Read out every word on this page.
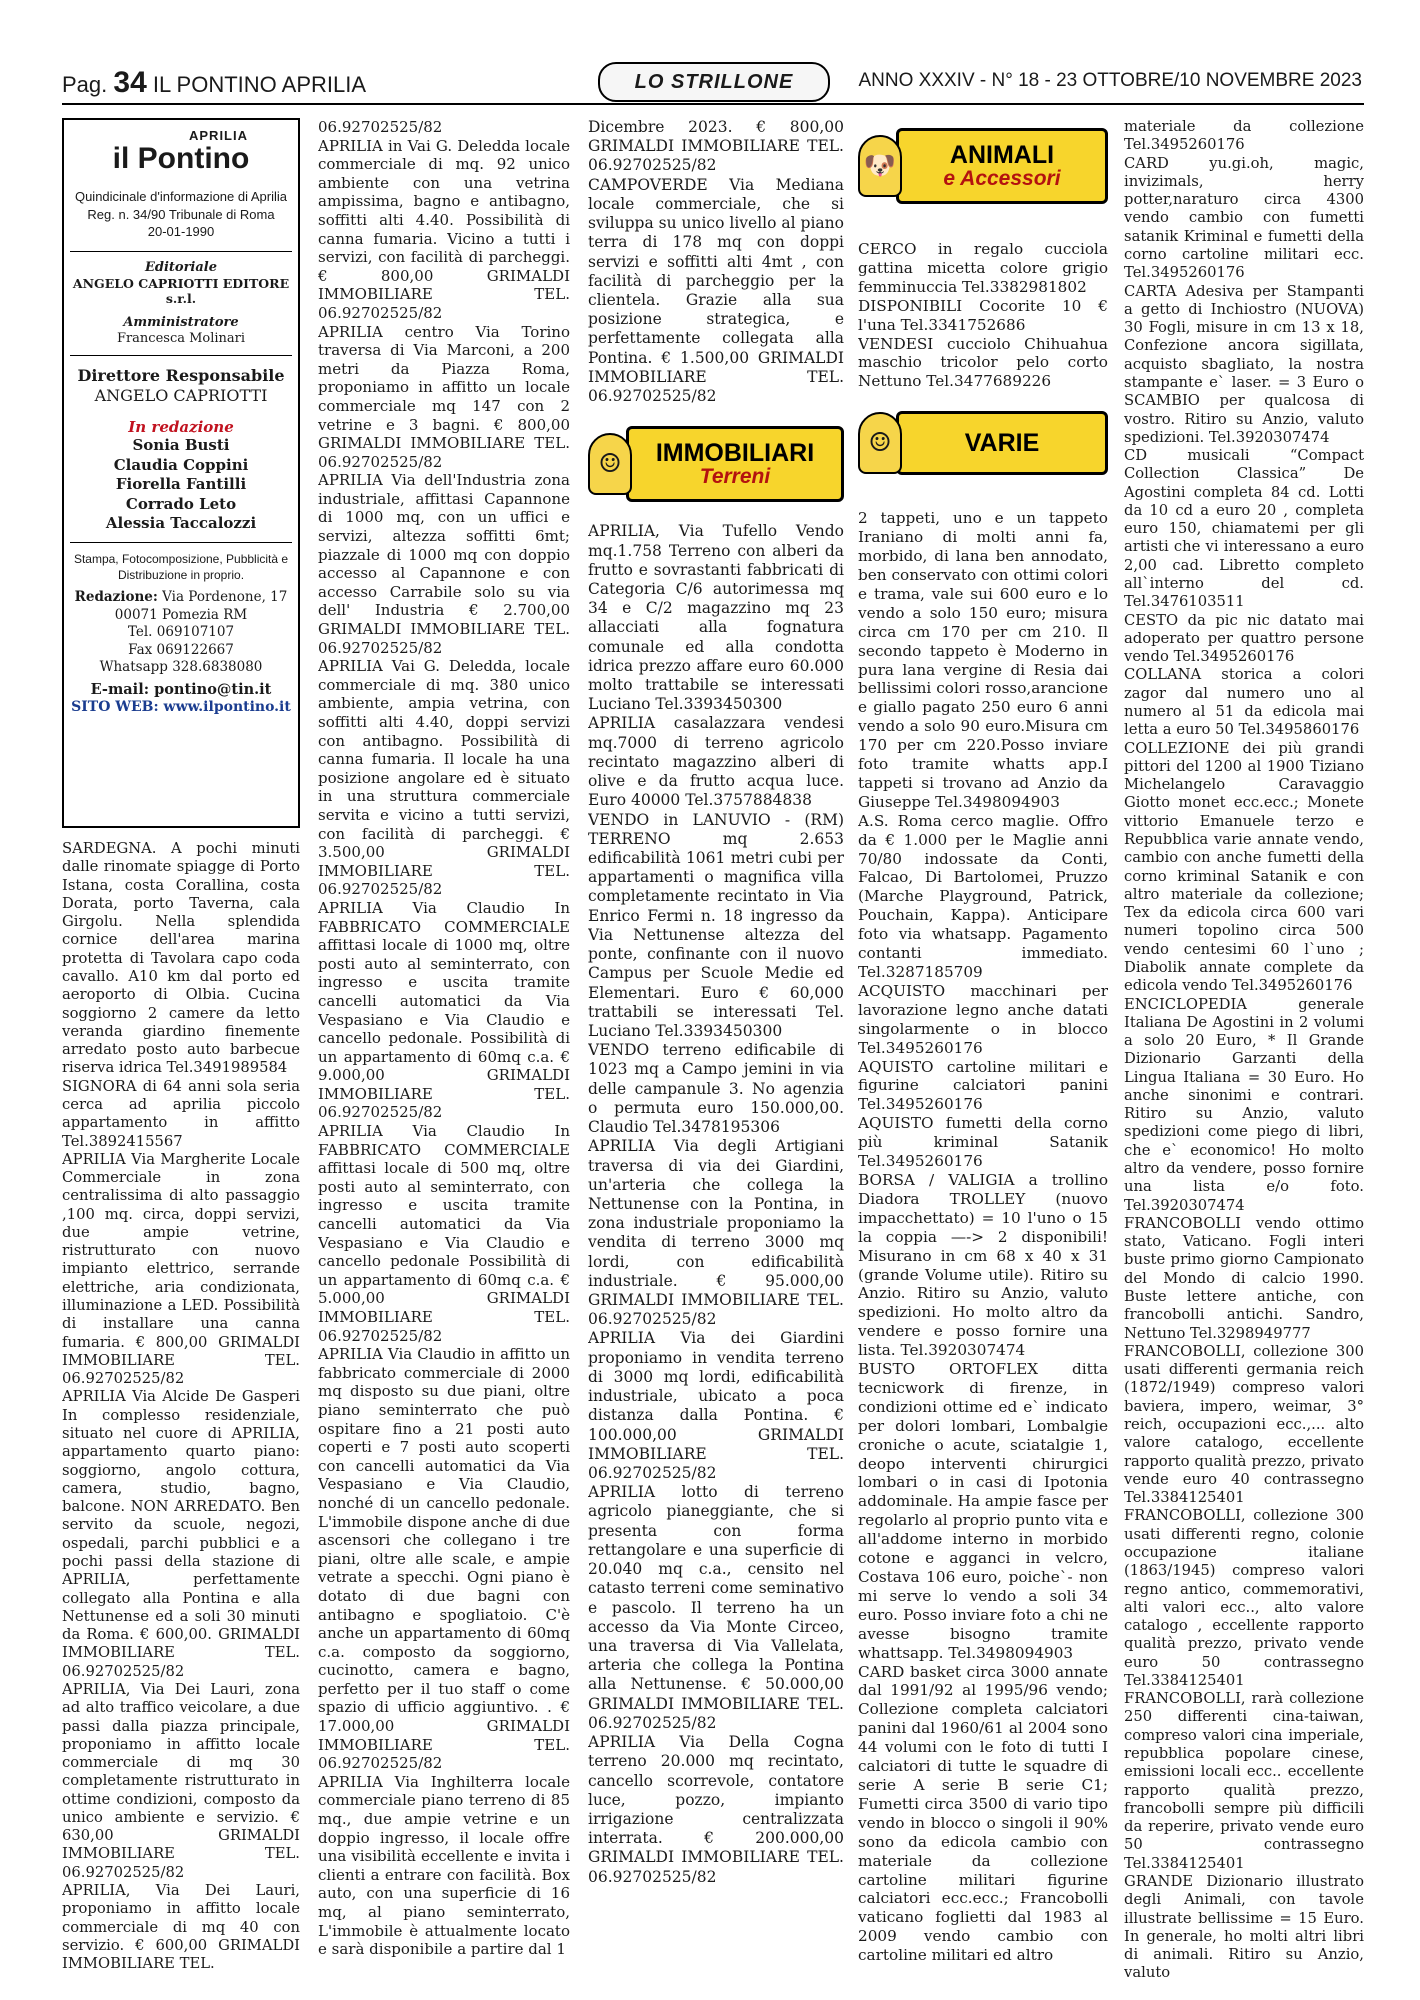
Pag. 34 IL PONTINO APRILIA	LO STRILLONE	ANNO XXXIV - N° 18 - 23 OTTOBRE/10 NOVEMBRE 2023
APRILIA
il Pontino
Quindicinale d'informazione di Aprilia
Reg. n. 34/90 Tribunale di Roma
20-01-1990
Editoriale
ANGELO CAPRIOTTI EDITORE s.r.l.
Amministratore
Francesca Molinari
Direttore Responsabile
ANGELO CAPRIOTTI
In redazione
Sonia Busti
Claudia Coppini
Fiorella Fantilli
Corrado Leto
Alessia Taccalozzi
Stampa, Fotocomposizione, Pubblicità e Distribuzione in proprio.
Redazione: Via Pordenone, 17
00071 Pomezia RM
Tel. 069107107
Fax 069122667
Whatsapp 328.6838080
E-mail: pontino@tin.it
SITO WEB: www.ilpontino.it

SARDEGNA. A pochi minuti dalle rinomate spiagge di Porto Istana, costa Corallina, costa Dorata, porto Taverna, cala Girgolu. Nella splendida cornice dell'area marina protetta di Tavolara capo coda cavallo. A10 km dal porto ed aeroporto di Olbia. Cucina soggiorno 2 camere da letto veranda giardino finemente arredato posto auto barbecue riserva idrica Tel.3491989584

SIGNORA di 64 anni sola seria cerca ad aprilia piccolo appartamento in affitto Tel.3892415567

APRILIA Via Margherite Locale Commerciale in zona centralissima di alto passaggio ,100 mq. circa, doppi servizi, due ampie vetrine, ristrutturato con nuovo impianto elettrico, serrande elettriche, aria condizionata, illuminazione a LED. Possibilità di installare una canna fumaria. € 800,00 GRIMALDI IMMOBILIARE TEL. 06.92702525/82

APRILIA Via Alcide De Gasperi In complesso residenziale, situato nel cuore di APRILIA, appartamento quarto piano: soggiorno, angolo cottura, camera, studio, bagno, balcone. NON ARREDATO. Ben servito da scuole, negozi, ospedali, parchi pubblici e a pochi passi della stazione di APRILIA, perfettamente collegato alla Pontina e alla Nettunense ed a soli 30 minuti da Roma. € 600,00. GRIMALDI IMMOBILIARE TEL. 06.92702525/82

APRILIA, Via Dei Lauri, zona ad alto traffico veicolare, a due passi dalla piazza principale, proponiamo in affitto locale commerciale di mq 30 completamente ristrutturato in ottime condizioni, composto da unico ambiente e servizio. € 630,00 GRIMALDI IMMOBILIARE TEL. 06.92702525/82

APRILIA, Via Dei Lauri, proponiamo in affitto locale commerciale di mq 40 con servizio. € 600,00 GRIMALDI IMMOBILIARE TEL.

06.92702525/82

APRILIA in Vai G. Deledda locale commerciale di mq. 92 unico ambiente con una vetrina ampissima, bagno e antibagno, soffitti alti 4.40. Possibilità di canna fumaria. Vicino a tutti i servizi, con facilità di parcheggi. € 800,00 GRIMALDI IMMOBILIARE TEL. 06.92702525/82

APRILIA centro Via Torino traversa di Via Marconi, a 200 metri da Piazza Roma, proponiamo in affitto un locale commerciale mq 147 con 2 vetrine e 3 bagni. € 800,00 GRIMALDI IMMOBILIARE TEL. 06.92702525/82

APRILIA Via dell'Industria zona industriale, affittasi Capannone di 1000 mq, con un uffici e servizi, altezza soffitti 6mt; piazzale di 1000 mq con doppio accesso al Capannone e con accesso Carrabile solo su via dell' Industria € 2.700,00 GRIMALDI IMMOBILIARE TEL. 06.92702525/82

APRILIA Vai G. Deledda, locale commerciale di mq. 380 unico ambiente, ampia vetrina, con soffitti alti 4.40, doppi servizi con antibagno. Possibilità di canna fumaria. Il locale ha una posizione angolare ed è situato in una struttura commerciale servita e vicino a tutti servizi, con facilità di parcheggi. € 3.500,00 GRIMALDI IMMOBILIARE TEL. 06.92702525/82

APRILIA Via Claudio In FABBRICATO COMMERCIALE affittasi locale di 1000 mq, oltre posti auto al seminterrato, con ingresso e uscita tramite cancelli automatici da Via Vespasiano e Via Claudio e cancello pedonale. Possibilità di un appartamento di 60mq c.a. € 9.000,00 GRIMALDI IMMOBILIARE TEL. 06.92702525/82

APRILIA Via Claudio In FABBRICATO COMMERCIALE affittasi locale di 500 mq, oltre posti auto al seminterrato, con ingresso e uscita tramite cancelli automatici da Via Vespasiano e Via Claudio e cancello pedonale Possibilità di un appartamento di 60mq c.a. € 5.000,00 GRIMALDI IMMOBILIARE TEL. 06.92702525/82

APRILIA Via Claudio in affitto un fabbricato commerciale di 2000 mq disposto su due piani, oltre piano seminterrato che può ospitare fino a 21 posti auto coperti e 7 posti auto scoperti con cancelli automatici da Via Vespasiano e Via Claudio, nonché di un cancello pedonale. L'immobile dispone anche di due ascensori che collegano i tre piani, oltre alle scale, e ampie vetrate a specchi. Ogni piano è dotato di due bagni con antibagno e spogliatoio. C'è anche un appartamento di 60mq c.a. composto da soggiorno, cucinotto, camera e bagno, perfetto per il tuo staff o come spazio di ufficio aggiuntivo. . € 17.000,00 GRIMALDI IMMOBILIARE TEL. 06.92702525/82

APRILIA Via Inghilterra locale commerciale piano terreno di 85 mq., due ampie vetrine e un doppio ingresso, il locale offre una visibilità eccellente e invita i clienti a entrare con facilità. Box auto, con una superficie di 16 mq, al piano seminterrato, L'immobile è attualmente locato e sarà disponibile a partire dal 1

Dicembre 2023. € 800,00 GRIMALDI IMMOBILIARE TEL. 06.92702525/82

CAMPOVERDE Via Mediana locale commerciale, che si sviluppa su unico livello al piano terra di 178 mq con doppi servizi e soffitti alti 4mt , con facilità di parcheggio per la clientela. Grazie alla sua posizione strategica, e perfettamente collegata alla Pontina. € 1.500,00 GRIMALDI IMMOBILIARE TEL. 06.92702525/82

☺	IMMOBILIARI
Terreni

APRILIA, Via Tufello Vendo mq.1.758 Terreno con alberi da frutto e sovrastanti fabbricati di Categoria C/6 autorimessa mq 34 e C/2 magazzino mq 23 allacciati alla fognatura comunale ed alla condotta idrica prezzo affare euro 60.000 molto trattabile se interessati Luciano Tel.3393450300

APRILIA casalazzara vendesi mq.7000 di terreno agricolo recintato magazzino alberi di olive e da frutto acqua luce. Euro 40000 Tel.3757884838

VENDO in LANUVIO - (RM) TERRENO mq 2.653 edificabilità 1061 metri cubi per appartamenti o magnifica villa completamente recintato in Via Enrico Fermi n. 18 ingresso da Via Nettunense altezza del ponte, confinante con il nuovo Campus per Scuole Medie ed Elementari. Euro € 60,000 trattabili se interessati Tel. Luciano Tel.3393450300

VENDO terreno edificabile di 1023 mq a Campo jemini in via delle campanule 3. No agenzia o permuta euro 150.000,00. Claudio Tel.3478195306

APRILIA Via degli Artigiani traversa di via dei Giardini, un'arteria che collega la Nettunense con la Pontina, in zona industriale proponiamo la vendita di terreno 3000 mq lordi, con edificabilità industriale. € 95.000,00 GRIMALDI IMMOBILIARE TEL. 06.92702525/82

APRILIA Via dei Giardini proponiamo in vendita terreno di 3000 mq lordi, edificabilità industriale, ubicato a poca distanza dalla Pontina. € 100.000,00 GRIMALDI IMMOBILIARE TEL. 06.92702525/82

APRILIA lotto di terreno agricolo pianeggiante, che si presenta con forma rettangolare e una superficie di 20.040 mq c.a., censito nel catasto terreni come seminativo e pascolo. Il terreno ha un accesso da Via Monte Circeo, una traversa di Via Vallelata, arteria che collega la Pontina alla Nettunense. € 50.000,00 GRIMALDI IMMOBILIARE TEL. 06.92702525/82

APRILIA Via Della Cogna terreno 20.000 mq recintato, cancello scorrevole, contatore luce, pozzo, impianto irrigazione centralizzata interrata. € 200.000,00 GRIMALDI IMMOBILIARE TEL. 06.92702525/82

🐶 ANIMALI
e Accessori

CERCO in regalo cucciola gattina micetta colore grigio femminuccia Tel.3382981802

DISPONIBILI Cocorite 10 € l'una Tel.3341752686

VENDESI cucciolo Chihuahua maschio tricolor pelo corto Nettuno Tel.3477689226

☺	VARIE

2 tappeti, uno e un tappeto Iraniano di molti anni fa, morbido, di lana ben annodato, ben conservato con ottimi colori e trama, vale sui 600 euro e lo vendo a solo 150 euro; misura circa cm 170 per cm 210. Il secondo tappeto è Moderno in pura lana vergine di Resia dai bellissimi colori rosso,arancione e giallo pagato 250 euro 6 anni vendo a solo 90 euro.Misura cm 170 per cm 220.Posso inviare foto tramite whatts app.I tappeti si trovano ad Anzio da Giuseppe Tel.3498094903

A.S. Roma cerco maglie. Offro da € 1.000 per le Maglie anni 70/80 indossate da Conti, Falcao, Di Bartolomei, Pruzzo (Marche Playground, Patrick, Pouchain, Kappa). Anticipare foto via whatsapp. Pagamento contanti immediato. Tel.3287185709

ACQUISTO macchinari per lavorazione legno anche datati singolarmente o in blocco Tel.3495260176

AQUISTO cartoline militari e figurine calciatori panini Tel.3495260176

AQUISTO fumetti della corno più kriminal Satanik Tel.3495260176

BORSA / VALIGIA a trollino Diadora TROLLEY (nuovo impacchettato) = 10 l'uno o 15 la coppia —-> 2 disponibili! Misurano in cm 68 x 40 x 31 (grande Volume utile). Ritiro su Anzio. Ritiro su Anzio, valuto spedizioni. Ho molto altro da vendere e posso fornire una lista. Tel.3920307474

BUSTO ORTOFLEX ditta tecnicwork di firenze, in condizioni ottime ed e` indicato per dolori lombari, Lombalgie croniche o acute, sciatalgie 1, deopo interventi chirurgici lombari o in casi di Ipotonia addominale. Ha ampie fasce per regolarlo al proprio punto vita e all'addome interno in morbido cotone e agganci in velcro, Costava 106 euro, poiche`- non mi serve lo vendo a soli 34 euro. Posso inviare foto a chi ne avesse bisogno tramite whattsapp. Tel.3498094903

CARD basket circa 3000 annate dal 1991/92 al 1995/96 vendo; Collezione completa calciatori panini dal 1960/61 al 2004 sono 44 volumi con le foto di tutti I calciatori di tutte le squadre di serie A serie B serie C1; Fumetti circa 3500 di vario tipo vendo in blocco o singoli il 90% sono da edicola cambio con materiale da collezione cartoline militari figurine calciatori ecc.ecc.; Francobolli vaticano foglietti dal 1983 al 2009 vendo cambio con cartoline militari ed altro

materiale da collezione Tel.3495260176

CARD yu.gi.oh, magic, invizimals, herry potter,naraturo circa 4300 vendo cambio con fumetti satanik Kriminal e fumetti della corno cartoline militari ecc. Tel.3495260176

CARTA Adesiva per Stampanti a getto di Inchiostro (NUOVA) 30 Fogli, misure in cm 13 x 18, Confezione ancora sigillata, acquisto sbagliato, la nostra stampante e` laser. = 3 Euro o SCAMBIO per qualcosa di vostro. Ritiro su Anzio, valuto spedizioni. Tel.3920307474

CD musicali “Compact Collection Classica” De Agostini completa 84 cd. Lotti da 10 cd a euro 20 , completa euro 150, chiamatemi per gli artisti che vi interessano a euro 2,00 cad. Libretto completo all`interno del cd. Tel.3476103511

CESTO da pic nic datato mai adoperato per quattro persone vendo Tel.3495260176

COLLANA storica a colori zagor dal numero uno al numero al 51 da edicola mai letta a euro 50 Tel.3495860176

COLLEZIONE dei più grandi pittori del 1200 al 1900 Tiziano Michelangelo Caravaggio Giotto monet ecc.ecc.; Monete vittorio Emanuele terzo e Repubblica varie annate vendo, cambio con anche fumetti della corno kriminal Satanik e con altro materiale da collezione; Tex da edicola circa 600 vari numeri topolino circa 500 vendo centesimi 60 l`uno ; Diabolik annate complete da edicola vendo Tel.3495260176

ENCICLOPEDIA generale Italiana De Agostini in 2 volumi a solo 20 Euro, * Il Grande Dizionario Garzanti della Lingua Italiana = 30 Euro. Ho anche sinonimi e contrari. Ritiro su Anzio, valuto spedizioni come piego di libri, che e` economico! Ho molto altro da vendere, posso fornire una lista e/o foto. Tel.3920307474

FRANCOBOLLI vendo ottimo stato, Vaticano. Fogli interi buste primo giorno Campionato del Mondo di calcio 1990. Buste lettere antiche, con francobolli antichi. Sandro, Nettuno Tel.3298949777

FRANCOBOLLI, collezione 300 usati differenti germania reich (1872/1949) compreso valori baviera, impero, weimar, 3° reich, occupazioni ecc.,... alto valore catalogo, eccellente rapporto qualità prezzo, privato vende euro 40 contrassegno Tel.3384125401

FRANCOBOLLI, collezione 300 usati differenti regno, colonie occupazione italiane (1863/1945) compreso valori regno antico, commemorativi, alti valori ecc.., alto valore catalogo , eccellente rapporto qualità prezzo, privato vende euro 50 contrassegno Tel.3384125401

FRANCOBOLLI, rarà collezione 250 differenti cina-taiwan, compreso valori cina imperiale, repubblica popolare cinese, emissioni locali ecc.. eccellente rapporto qualità prezzo, francobolli sempre più difficili da reperire, privato vende euro 50 contrassegno Tel.3384125401

GRANDE Dizionario illustrato degli Animali, con tavole illustrate bellissime = 15 Euro. In generale, ho molti altri libri di animali. Ritiro su Anzio, valuto
